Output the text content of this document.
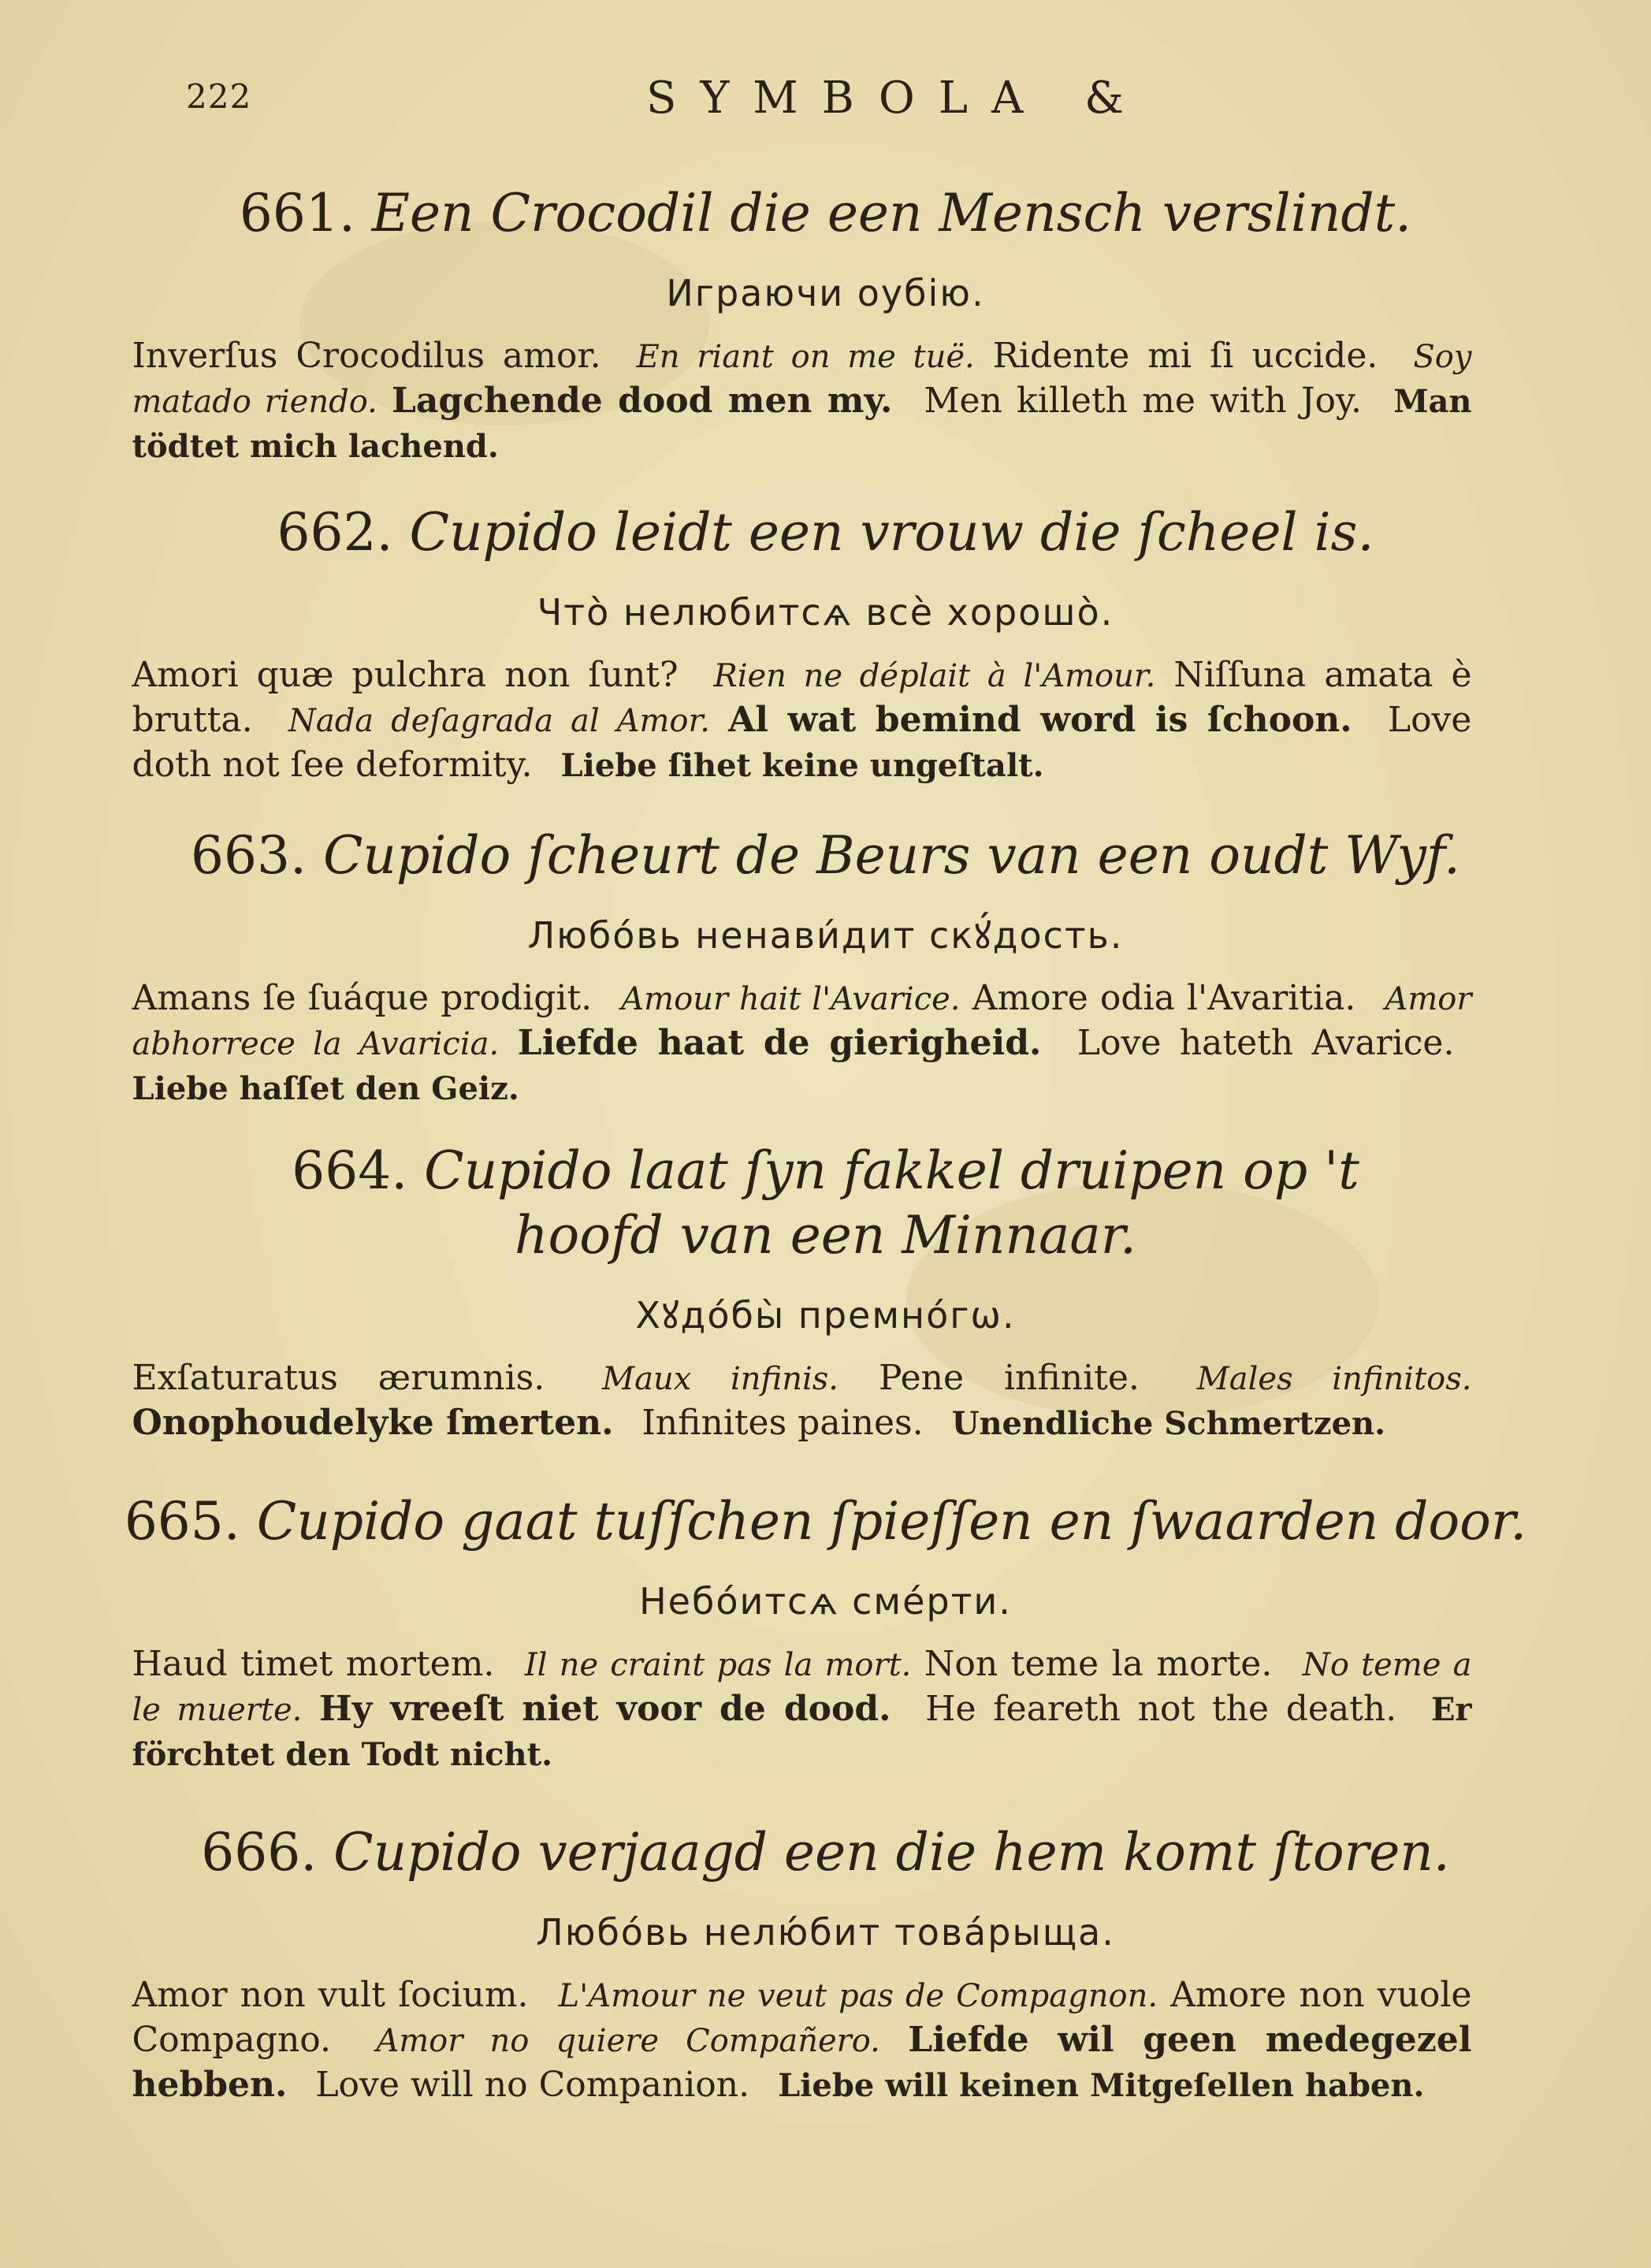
222	SYMBOLA &
661. Een Crocodil die een Mensch verslindt.
Играючи оубію.
Inverſus Crocodilus amor. En riant on me tuë. Ridente mi ſi uccide. Soy matado riendo. Lagchende dood men my. Men killeth me with Joy. Man tödtet mich lachend.
662. Cupido leidt een vrouw die ſcheel is.
Что̀ нелюбитсѧ всѐ хорошо̀.
Amori quæ pulchra non ſunt? Rien ne déplait à l'Amour. Niſſuna amata è brutta. Nada deſagrada al Amor. Al wat bemind word is ſchoon. Love doth not ſee deformity. Liebe ſihet keine ungeſtalt.
663. Cupido ſcheurt de Beurs van een oudt Wyf.
Любо́вь ненави́дит скꙋ́дость.
Amans ſe ſuáque prodigit. Amour hait l'Avarice. Amore odia l'Avaritia. Amor abhorrece la Avaricia. Liefde haat de gierigheid. Love hateth Avarice. Liebe haſſet den Geiz.
664. Cupido laat ſyn fakkel druipen op 't hoofd van een Minnaar.
Хꙋдо́бы̀ премно́гѡ.
Exſaturatus ærumnis. Maux infinis. Pene infinite. Males infinitos. Onophoudelyke ſmerten. Infinites paines. Unendliche Schmertzen.
665. Cupido gaat tuſſchen ſpieſſen en ſwaarden door.
Небо́итсѧ сме́рти.
Haud timet mortem. Il ne craint pas la mort. Non teme la morte. No teme a le muerte. Hy vreeſt niet voor de dood. He feareth not the death. Er förchtet den Todt nicht.
666. Cupido verjaagd een die hem komt ſtoren.
Любо́вь нелю́бит това́рыща.
Amor non vult ſocium. L'Amour ne veut pas de Compagnon. Amore non vuole Compagno. Amor no quiere Compañero. Liefde wil geen medegezel hebben. Love will no Companion. Liebe will keinen Mitgeſellen haben.
